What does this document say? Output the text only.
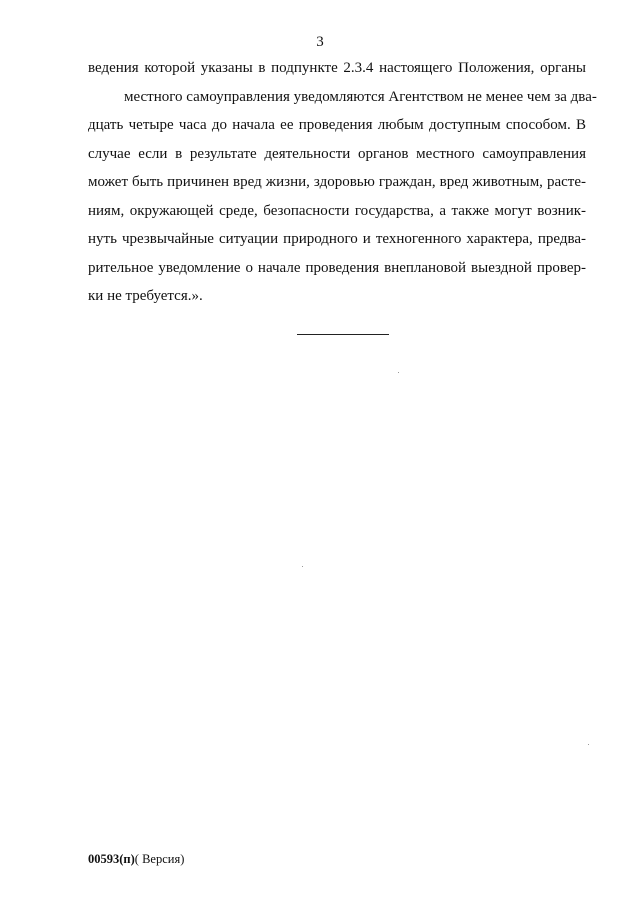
3
ведения которой указаны в подпункте 2.3.4 настоящего Положения, органы
местного самоуправления уведомляются Агентством не менее чем за два-
дцать четыре часа до начала ее проведения любым доступным способом. В
случае если в результате деятельности органов местного самоуправления
может быть причинен вред жизни, здоровью граждан, вред животным, расте-
ниям, окружающей среде, безопасности государства, а также могут возник-
нуть чрезвычайные ситуации природного и техногенного характера, предва-
рительное уведомление о начале проведения внеплановой выездной провер-
ки не требуется.».
00593(п)( Версия)
